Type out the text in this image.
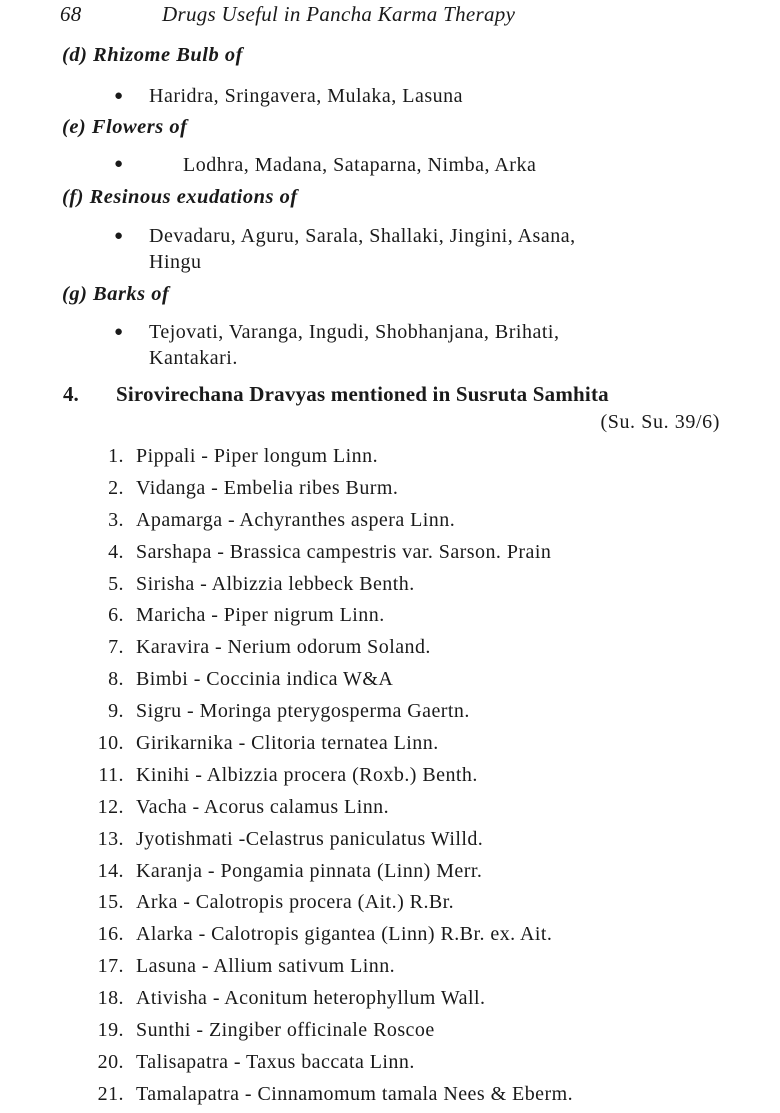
68	Drugs Useful in Pancha Karma Therapy
(d) Rhizome Bulb of
● Haridra, Sringavera, Mulaka, Lasuna
(e) Flowers of
●	Lodhra, Madana, Sataparna, Nimba, Arka
(f) Resinous exudations of
● Devadaru, Aguru, Sarala, Shallaki, Jingini, Asana,
Hingu
(g) Barks of
● Tejovati, Varanga, Ingudi, Shobhanjana, Brihati,
Kantakari.
4. Sirovirechana Dravyas mentioned in Susruta Samhita
(Su. Su. 39/6)
1. Pippali - Piper longum Linn.
2. Vidanga - Embelia ribes Burm.
3. Apamarga - Achyranthes aspera Linn.
4. Sarshapa - Brassica campestris var. Sarson. Prain
5. Sirisha - Albizzia lebbeck Benth.
6. Maricha - Piper nigrum Linn.
7. Karavira - Nerium odorum Soland.
8. Bimbi - Coccinia indica W&A
9. Sigru - Moringa pterygosperma Gaertn.
10. Girikarnika - Clitoria ternatea Linn.
11. Kinihi - Albizzia procera (Roxb.) Benth.
12. Vacha - Acorus calamus Linn.
13. Jyotishmati -Celastrus paniculatus Willd.
14. Karanja - Pongamia pinnata (Linn) Merr.
15. Arka - Calotropis procera (Ait.) R.Br.
16. Alarka - Calotropis gigantea (Linn) R.Br. ex. Ait.
17. Lasuna - Allium sativum Linn.
18. Ativisha - Aconitum heterophyllum Wall.
19. Sunthi - Zingiber officinale Roscoe
20. Talisapatra - Taxus baccata Linn.
21. Tamalapatra - Cinnamomum tamala Nees & Eberm.
